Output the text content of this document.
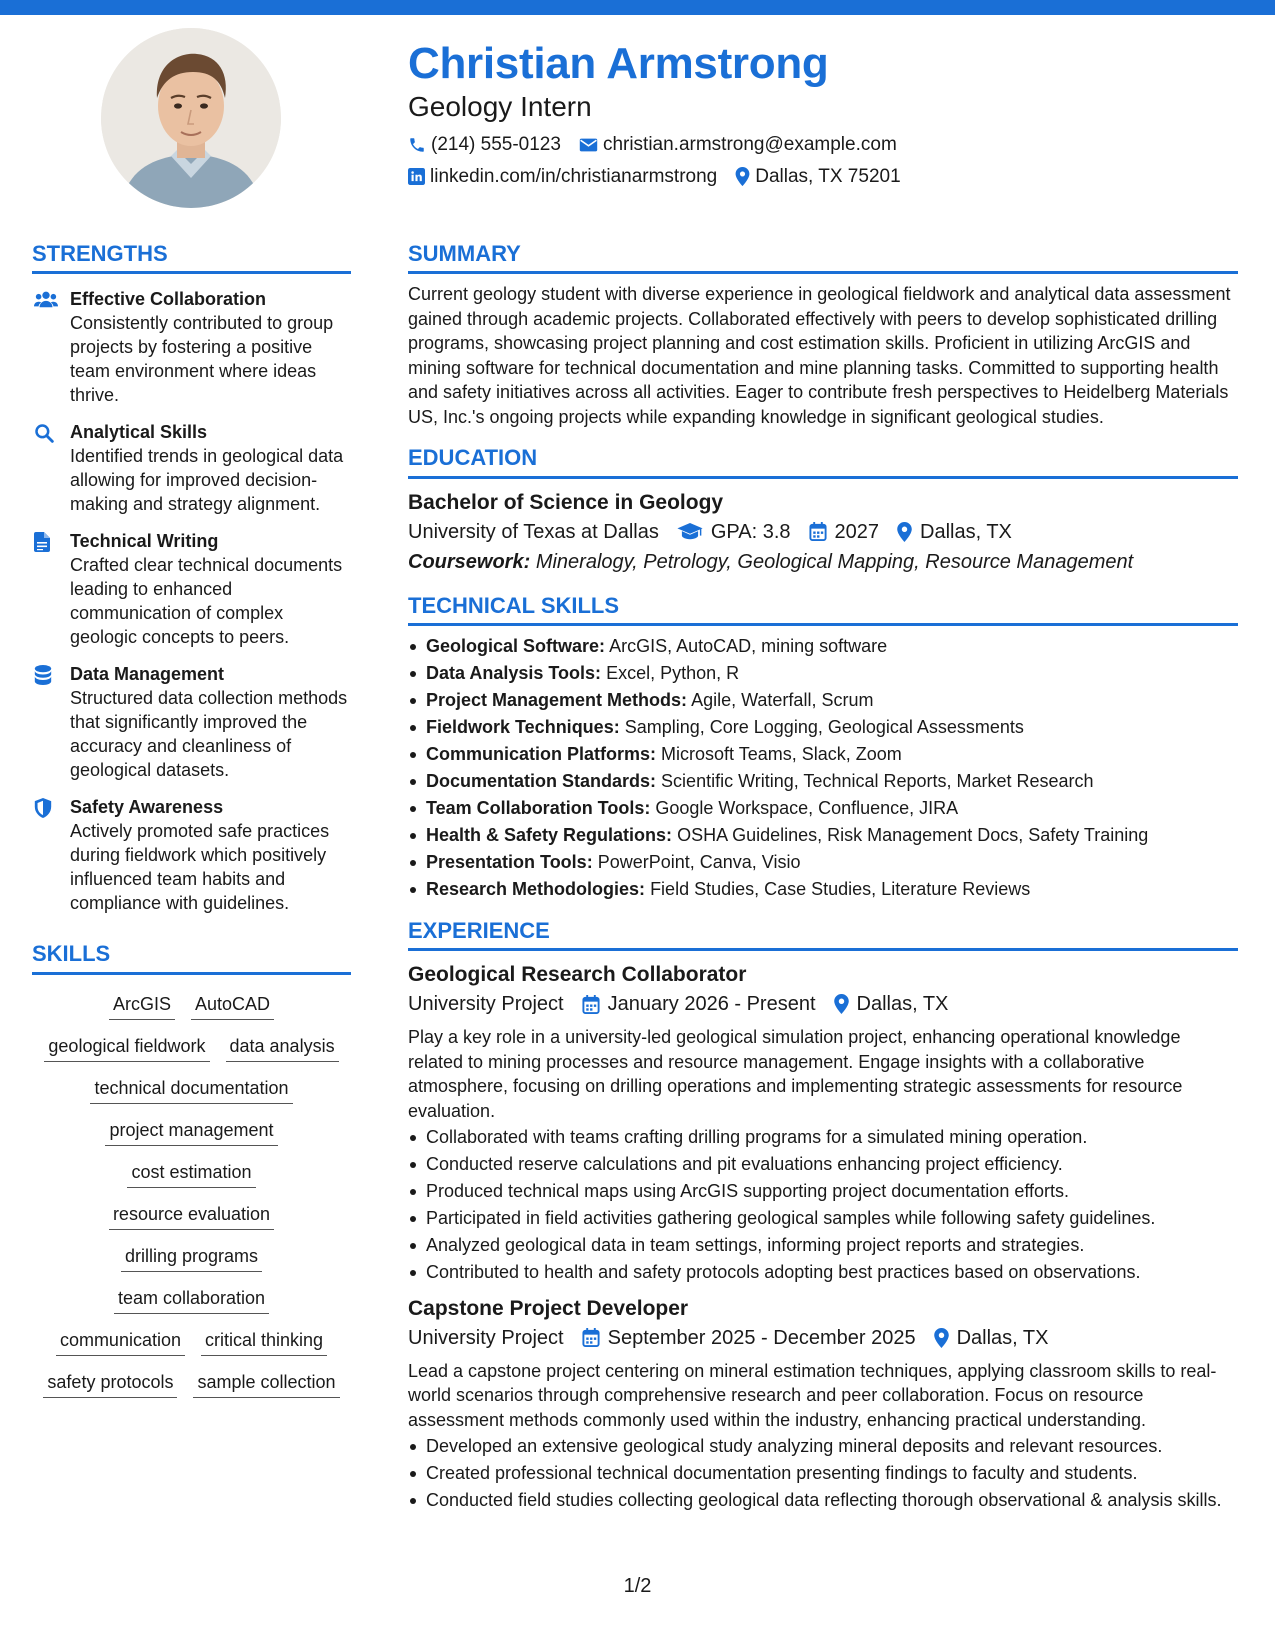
Christian Armstrong
Geology Intern
(214) 555-0123 christian.armstrong@example.com
linkedin.com/in/christianarmstrong Dallas, TX 75201
STRENGTHS
Effective Collaboration
Consistently contributed to group projects by fostering a positive team environment where ideas thrive.
Analytical Skills
Identified trends in geological data allowing for improved decision-making and strategy alignment.
Technical Writing
Crafted clear technical documents leading to enhanced communication of complex geologic concepts to peers.
Data Management
Structured data collection methods that significantly improved the accuracy and cleanliness of geological datasets.
Safety Awareness
Actively promoted safe practices during fieldwork which positively influenced team habits and compliance with guidelines.
SKILLS
ArcGIS AutoCAD
geological fieldwork data analysis
technical documentation
project management
cost estimation
resource evaluation
drilling programs
team collaboration
communication critical thinking
safety protocols sample collection
SUMMARY

Current geology student with diverse experience in geological fieldwork and analytical data assessment gained through academic projects. Collaborated effectively with peers to develop sophisticated drilling programs, showcasing project planning and cost estimation skills. Proficient in utilizing ArcGIS and mining software for technical documentation and mine planning tasks. Committed to supporting health and safety initiatives across all activities. Eager to contribute fresh perspectives to Heidelberg Materials US, Inc.'s ongoing projects while expanding knowledge in significant geological studies.

EDUCATION
Bachelor of Science in Geology
University of Texas at Dallas	GPA: 3.8 2027 Dallas, TX
Coursework: Mineralogy, Petrology, Geological Mapping, Resource Management
TECHNICAL SKILLS
Geological Software: ArcGIS, AutoCAD, mining software
Data Analysis Tools: Excel, Python, R
Project Management Methods: Agile, Waterfall, Scrum
Fieldwork Techniques: Sampling, Core Logging, Geological Assessments
Communication Platforms: Microsoft Teams, Slack, Zoom
Documentation Standards: Scientific Writing, Technical Reports, Market Research
Team Collaboration Tools: Google Workspace, Confluence, JIRA
Health & Safety Regulations: OSHA Guidelines, Risk Management Docs, Safety Training
Presentation Tools: PowerPoint, Canva, Visio
Research Methodologies: Field Studies, Case Studies, Literature Reviews
EXPERIENCE
Geological Research Collaborator
University Project January 2026 - Present Dallas, TX

Play a key role in a university-led geological simulation project, enhancing operational knowledge related to mining processes and resource management. Engage insights with a collaborative atmosphere, focusing on drilling operations and implementing strategic assessments for resource evaluation.

Collaborated with teams crafting drilling programs for a simulated mining operation.
Conducted reserve calculations and pit evaluations enhancing project efficiency.
Produced technical maps using ArcGIS supporting project documentation efforts.
Participated in field activities gathering geological samples while following safety guidelines.
Analyzed geological data in team settings, informing project reports and strategies.
Contributed to health and safety protocols adopting best practices based on observations.
Capstone Project Developer
University Project September 2025 - December 2025 Dallas, TX

Lead a capstone project centering on mineral estimation techniques, applying classroom skills to real-world scenarios through comprehensive research and peer collaboration. Focus on resource assessment methods commonly used within the industry, enhancing practical understanding.

Developed an extensive geological study analyzing mineral deposits and relevant resources.
Created professional technical documentation presenting findings to faculty and students.
Conducted field studies collecting geological data reflecting thorough observational & analysis skills.
1/2
